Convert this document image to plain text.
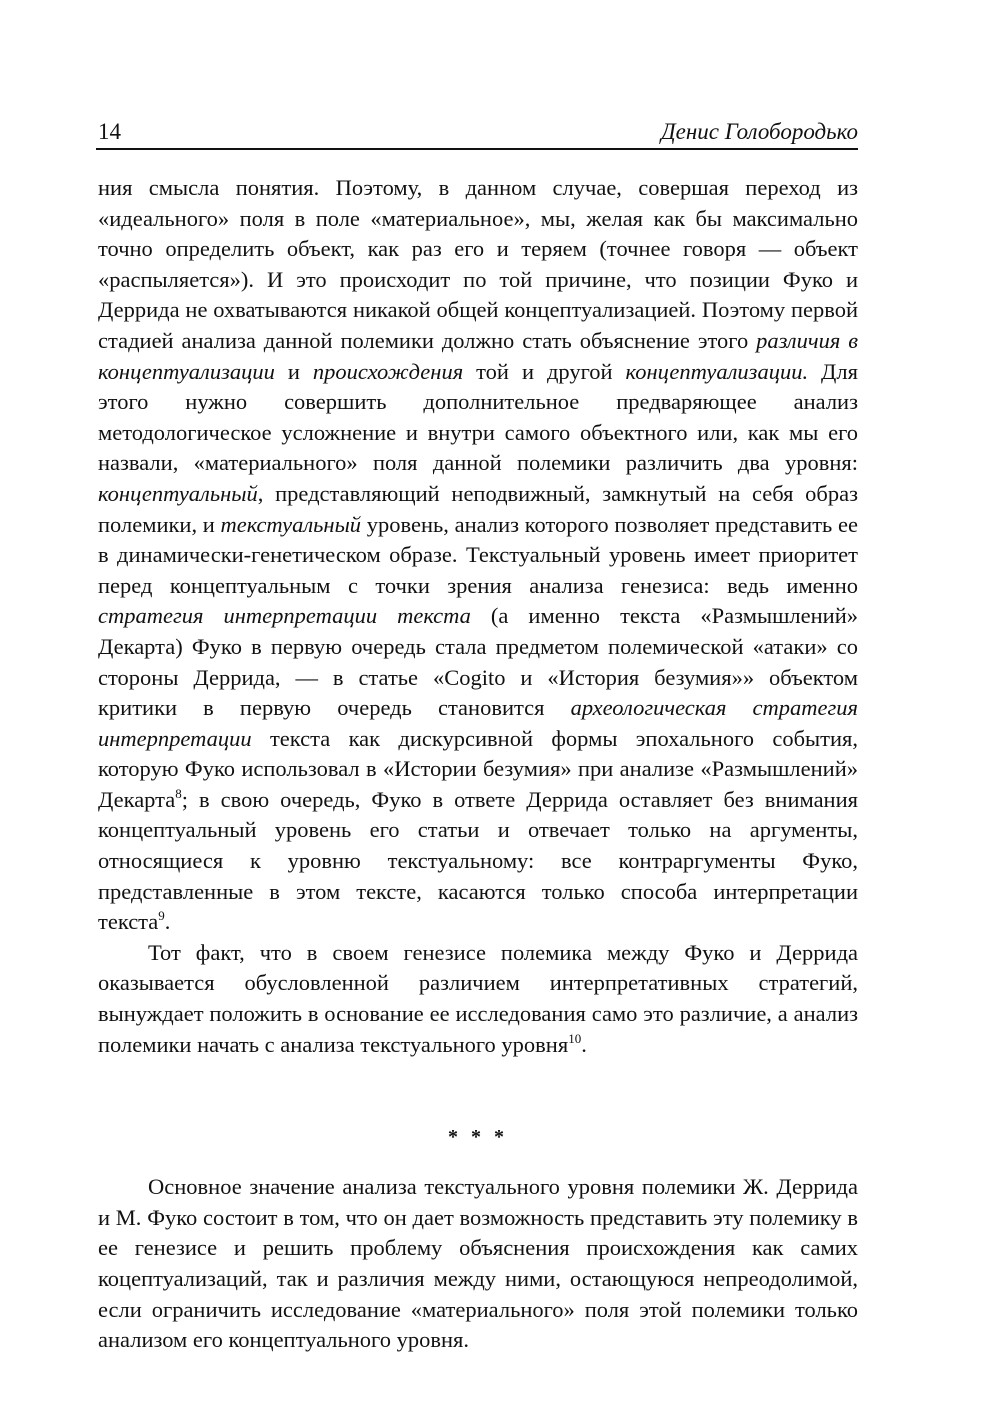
14	Денис Голобородько

ния смысла понятия. Поэтому, в данном случае, совершая переход из «идеального» поля в поле «материальное», мы, желая как бы максимально точно определить объект, как раз его и теряем (точнее говоря — объект «распыляется»). И это происходит по той причине, что позиции Фуко и Деррида не охватываются никакой общей концептуализацией. Поэтому первой стадией анализа данной полемики должно стать объяснение этого различия в концептуализации и происхождения той и другой концептуализации. Для этого нужно совершить дополнительное предваряющее анализ методологическое усложнение и внутри самого объектного или, как мы его назвали, «материального» поля данной полемики различить два уровня: концептуальный, представляющий неподвижный, замкнутый на себя образ полемики, и текстуальный уровень, анализ которого позволяет представить ее в динамически-генетическом образе. Текстуальный уровень имеет приоритет перед концептуальным с точки зрения анализа генезиса: ведь именно стратегия интерпретации текста (а именно текста «Размышлений» Декарта) Фуко в первую очередь стала предметом полемической «атаки» со стороны Деррида, — в статье «Cogito и «История безумия»» объектом критики в первую очередь становится археологическая стратегия интерпретации текста как дискурсивной формы эпохального события, которую Фуко использовал в «Истории безумия» при анализе «Размышлений» Декарта$^8$; в свою очередь, Фуко в ответе Деррида оставляет без внимания концептуальный уровень его статьи и отвечает только на аргументы, относящиеся к уровню текстуальному: все контраргументы Фуко, представленные в этом тексте, касаются только способа интерпретации текста$^9$.

Тот факт, что в своем генезисе полемика между Фуко и Деррида оказывается обусловленной различием интерпретативных стратегий, вынуждает положить в основание ее исследования само это различие, а анализ полемики начать с анализа текстуального уровня$^{10}$.

* * *

Основное значение анализа текстуального уровня полемики Ж. Деррида и М. Фуко состоит в том, что он дает возможность представить эту полемику в ее генезисе и решить проблему объяснения происхождения как самих коцептуализаций, так и различия между ними, остающуюся непреодолимой, если ограничить исследование «материального» поля этой полемики только анализом его концептуального уровня.
